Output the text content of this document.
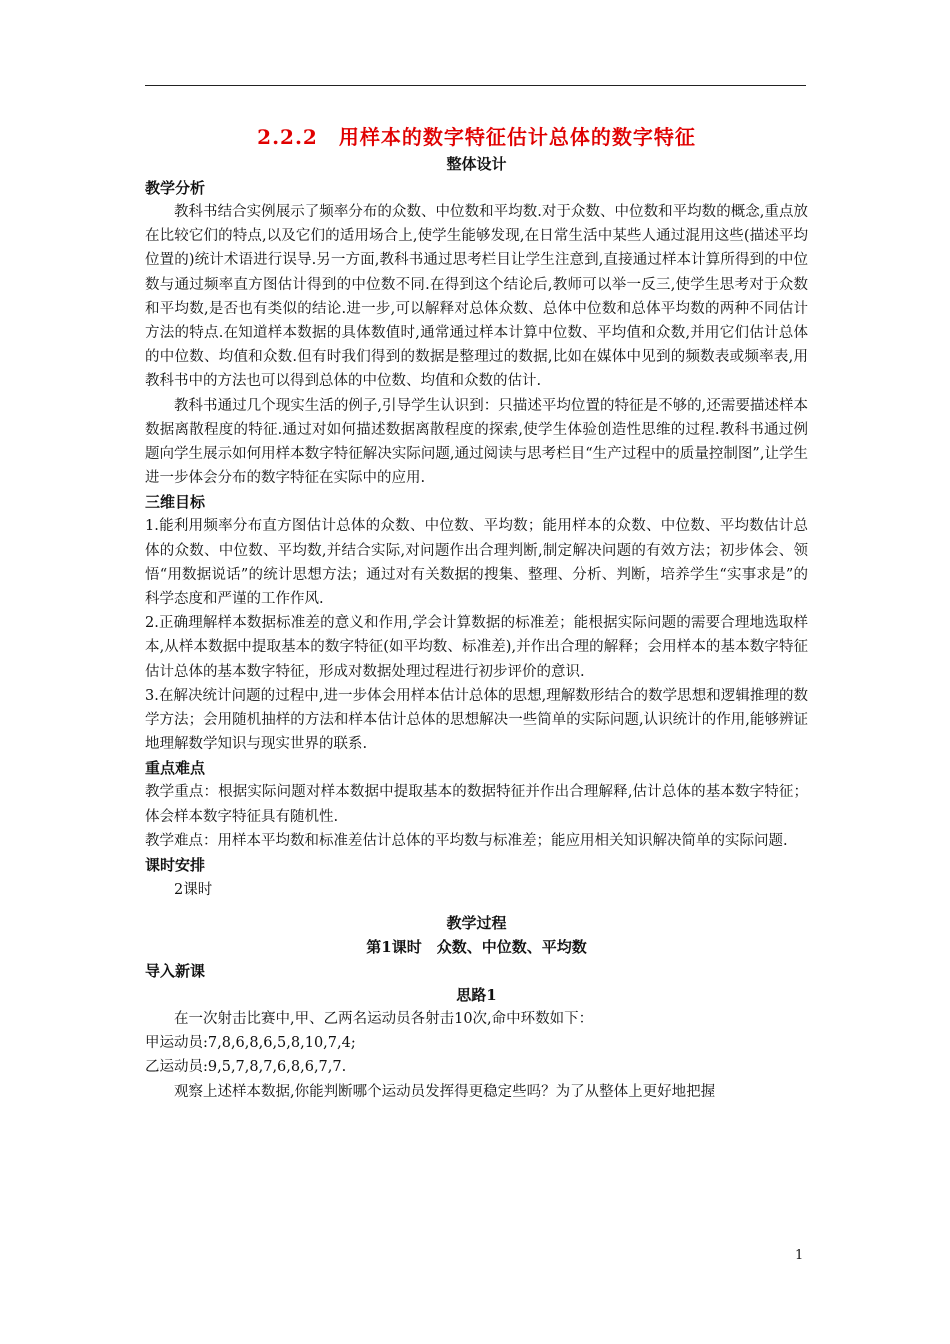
2.2.2　用样本的数字特征估计总体的数字特征

整体设计

教学分析

教科书结合实例展示了频率分布的众数、中位数和平均数.对于众数、中位数和平均数的概念,重点放在比较它们的特点,以及它们的适用场合上,使学生能够发现,在日常生活中某些人通过混用这些(描述平均位置的)统计术语进行误导.另一方面,教科书通过思考栏目让学生注意到,直接通过样本计算所得到的中位数与通过频率直方图估计得到的中位数不同.在得到这个结论后,教师可以举一反三,使学生思考对于众数和平均数,是否也有类似的结论.进一步,可以解释对总体众数、总体中位数和总体平均数的两种不同估计方法的特点.在知道样本数据的具体数值时,通常通过样本计算中位数、平均值和众数,并用它们估计总体的中位数、均值和众数.但有时我们得到的数据是整理过的数据,比如在媒体中见到的频数表或频率表,用教科书中的方法也可以得到总体的中位数、均值和众数的估计.

教科书通过几个现实生活的例子,引导学生认识到：只描述平均位置的特征是不够的,还需要描述样本数据离散程度的特征.通过对如何描述数据离散程度的探索,使学生体验创造性思维的过程.教科书通过例题向学生展示如何用样本数字特征解决实际问题,通过阅读与思考栏目“生产过程中的质量控制图”,让学生进一步体会分布的数字特征在实际中的应用.

三维目标

1.能利用频率分布直方图估计总体的众数、中位数、平均数；能用样本的众数、中位数、平均数估计总体的众数、中位数、平均数,并结合实际,对问题作出合理判断,制定解决问题的有效方法；初步体会、领悟“用数据说话”的统计思想方法；通过对有关数据的搜集、整理、分析、判断，培养学生“实事求是”的科学态度和严谨的工作作风.

2.正确理解样本数据标准差的意义和作用,学会计算数据的标准差；能根据实际问题的需要合理地选取样本,从样本数据中提取基本的数字特征(如平均数、标准差),并作出合理的解释；会用样本的基本数字特征估计总体的基本数字特征，形成对数据处理过程进行初步评价的意识.

3.在解决统计问题的过程中,进一步体会用样本估计总体的思想,理解数形结合的数学思想和逻辑推理的数学方法；会用随机抽样的方法和样本估计总体的思想解决一些简单的实际问题,认识统计的作用,能够辨证地理解数学知识与现实世界的联系.

重点难点

教学重点：根据实际问题对样本数据中提取基本的数据特征并作出合理解释,估计总体的基本数字特征；体会样本数字特征具有随机性.

教学难点：用样本平均数和标准差估计总体的平均数与标准差；能应用相关知识解决简单的实际问题.

课时安排

2课时

教学过程

第1课时　众数、中位数、平均数

导入新课

思路1

在一次射击比赛中,甲、乙两名运动员各射击10次,命中环数如下：

甲运动员:7,8,6,8,6,5,8,10,7,4;

乙运动员:9,5,7,8,7,6,8,6,7,7.

观察上述样本数据,你能判断哪个运动员发挥得更稳定些吗？为了从整体上更好地把握

1
